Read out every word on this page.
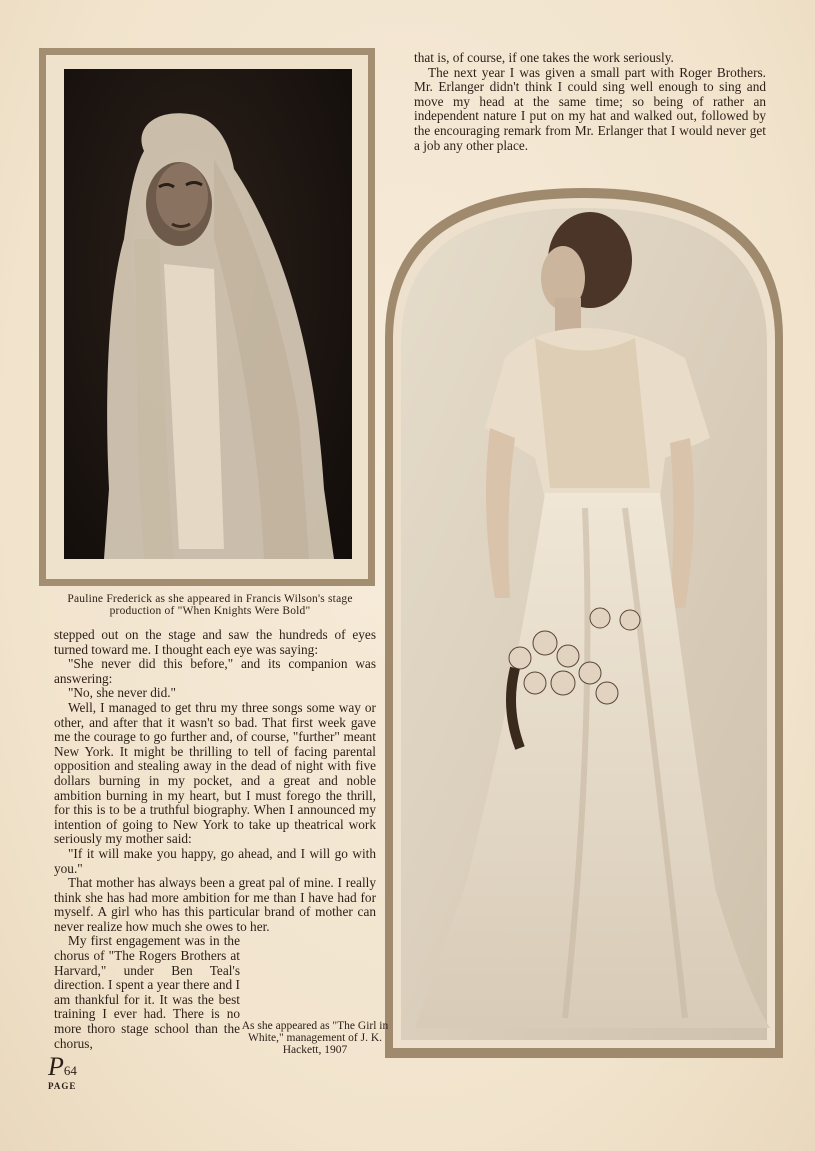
that is, of course, if one takes the work seriously.

The next year I was given a small part with Roger Brothers. Mr. Erlanger didn't think I could sing well enough to sing and move my head at the same time; so being of rather an independent nature I put on my hat and walked out, followed by the encouraging remark from Mr. Erlanger that I would never get a job any other place.

Pauline Frederick as she appeared in Francis Wilson's stage production of "When Knights Were Bold"

stepped out on the stage and saw the hundreds of eyes turned toward me. I thought each eye was saying:

"She never did this before," and its companion was answering:

"No, she never did."

Well, I managed to get thru my three songs some way or other, and after that it wasn't so bad. That first week gave me the courage to go further and, of course, "further" meant New York. It might be thrilling to tell of facing parental opposition and stealing away in the dead of night with five dollars burning in my pocket, and a great and noble ambition burning in my heart, but I must forego the thrill, for this is to be a truthful biography. When I announced my intention of going to New York to take up theatrical work seriously my mother said:

"If it will make you happy, go ahead, and I will go with you."

That mother has always been a great pal of mine. I really think she has had more ambition for me than I have had for myself. A girl who has this particular brand of mother can never realize how much she owes to her.

My first engagement was in the chorus of "The Rogers Brothers at Harvard," under Ben Teal's direction. I spent a year there and I am thankful for it. It was the best training I ever had. There is no more thoro stage school than the chorus,

As she appeared as "The Girl in White," management of J. K. Hackett, 1907
P64
PAGE
